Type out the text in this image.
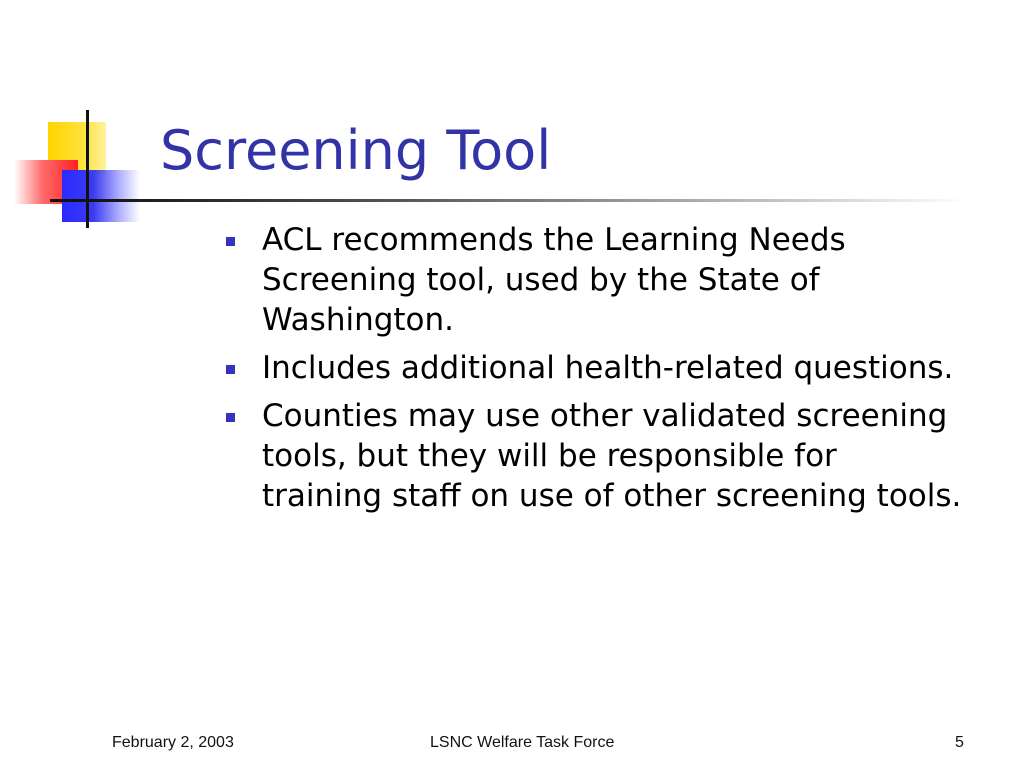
Screening Tool
ACL recommends the Learning Needs Screening tool, used by the State of Washington.
Includes additional health-related questions.
Counties may use other validated screening tools, but they will be responsible for training staff on use of other screening tools.
February 2, 2003	LSNC Welfare Task Force	5
